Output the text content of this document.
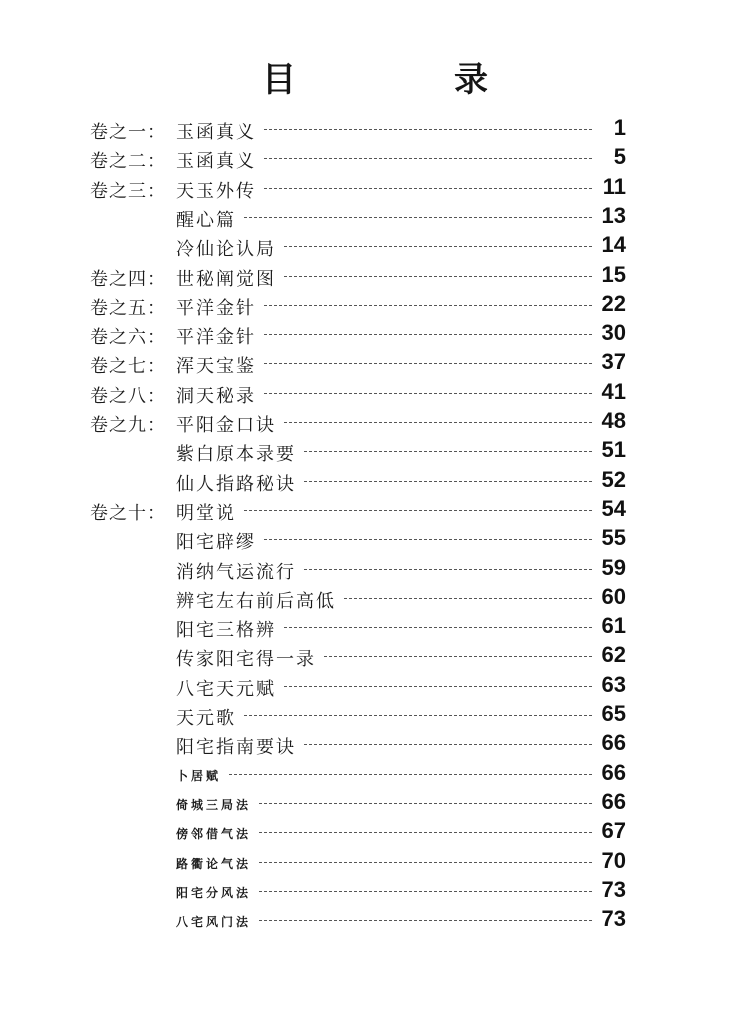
目　录
卷之一： 玉函真义	1
卷之二： 玉函真义	5
卷之三： 天玉外传	11
醒心篇	13
冷仙论认局	14
卷之四： 世秘阐觉图	15
卷之五： 平洋金针	22
卷之六： 平洋金针	30
卷之七： 浑天宝鉴	37
卷之八： 洞天秘录	41
卷之九： 平阳金口诀	48
紫白原本录要	51
仙人指路秘诀	52
卷之十： 明堂说	54
阳宅辟缪	55
消纳气运流行	59
辨宅左右前后高低	60
阳宅三格辨	61
传家阳宅得一录	62
八宅天元赋	63
天元歌	65
阳宅指南要诀	66
卜居赋	66
倚城三局法	66
傍邻借气法	67
路衢论气法	70
阳宅分风法	73
八宅风门法	73
